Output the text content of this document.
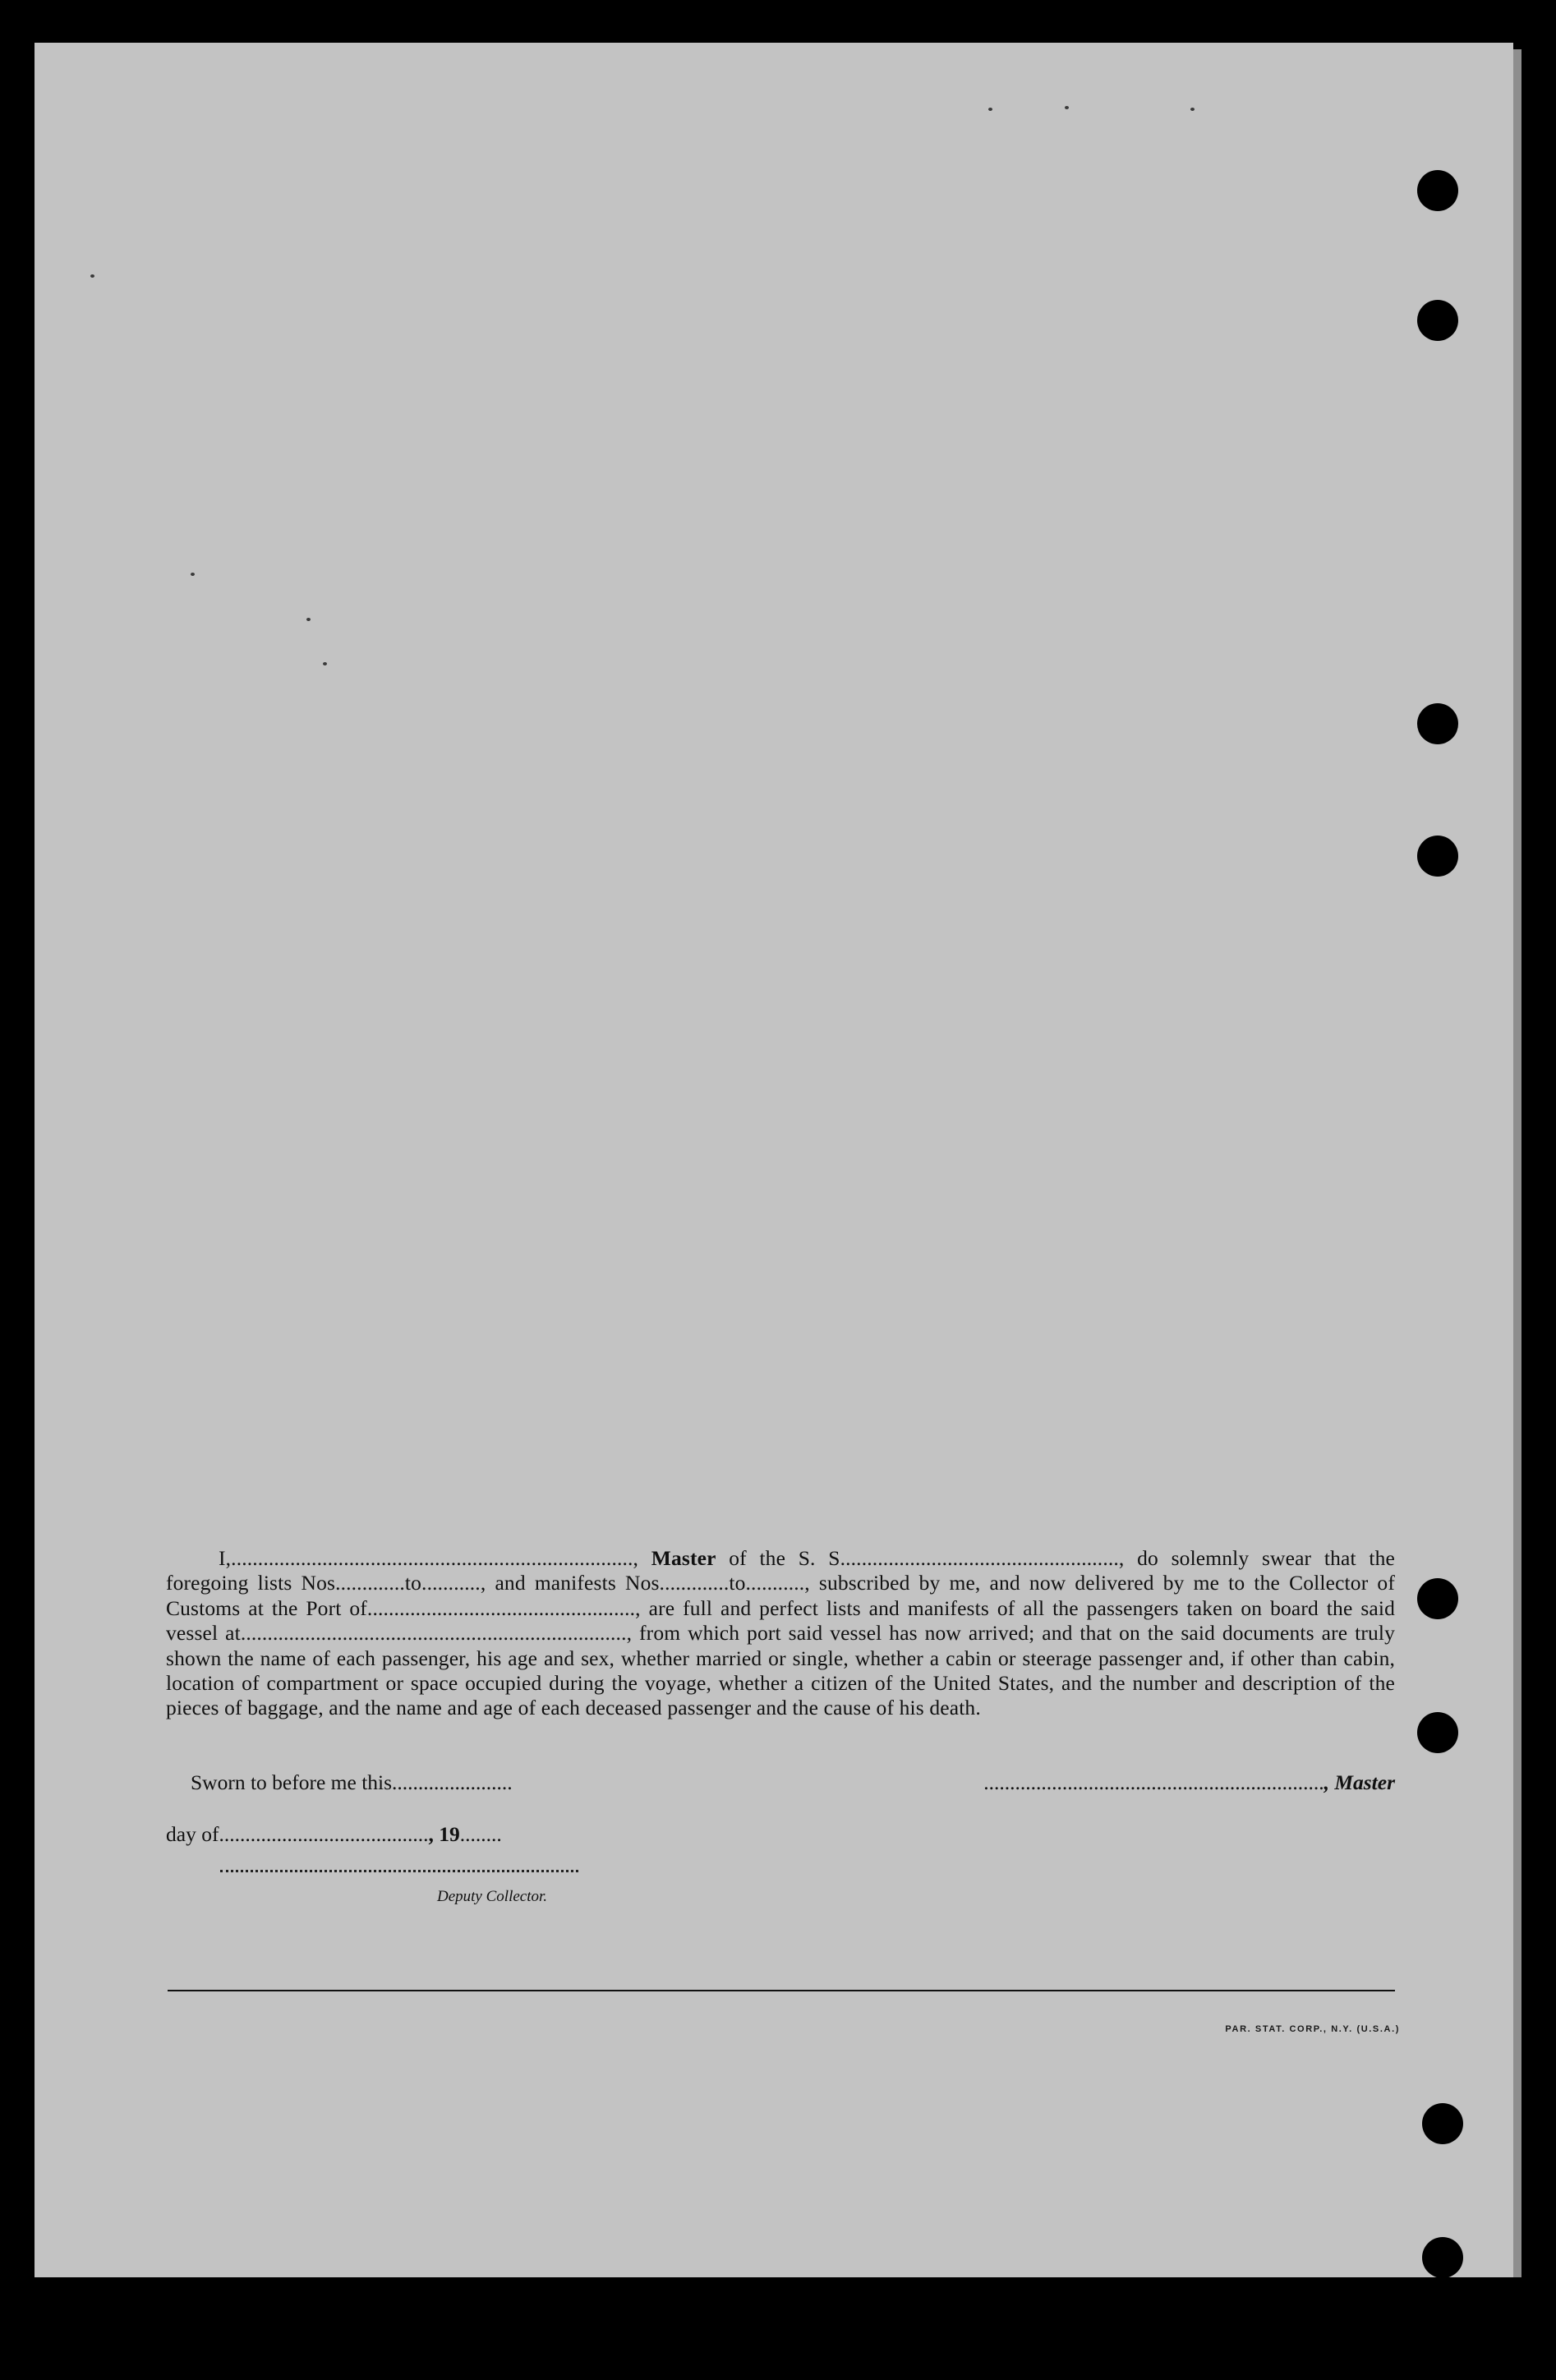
I,..........................................................................., Master of the S. S...................................................., do solemnly swear that the foregoing lists Nos.............to..........., and manifests Nos.............to..........., subscribed by me, and now delivered by me to the Collector of Customs at the Port of.................................................., are full and perfect lists and manifests of all the passengers taken on board the said vessel at........................................................................, from which port said vessel has now arrived; and that on the said documents are truly shown the name of each passenger, his age and sex, whether married or single, whether a cabin or steerage passenger and, if other than cabin, location of compartment or space occupied during the voyage, whether a citizen of the United States, and the number and description of the pieces of baggage, and the name and age of each deceased passenger and the cause of his death.
Sworn to before me this.......................	................................................................., Master
day of........................................, 19........
Deputy Collector.
PAR. STAT. CORP., N.Y. (U.S.A.)
